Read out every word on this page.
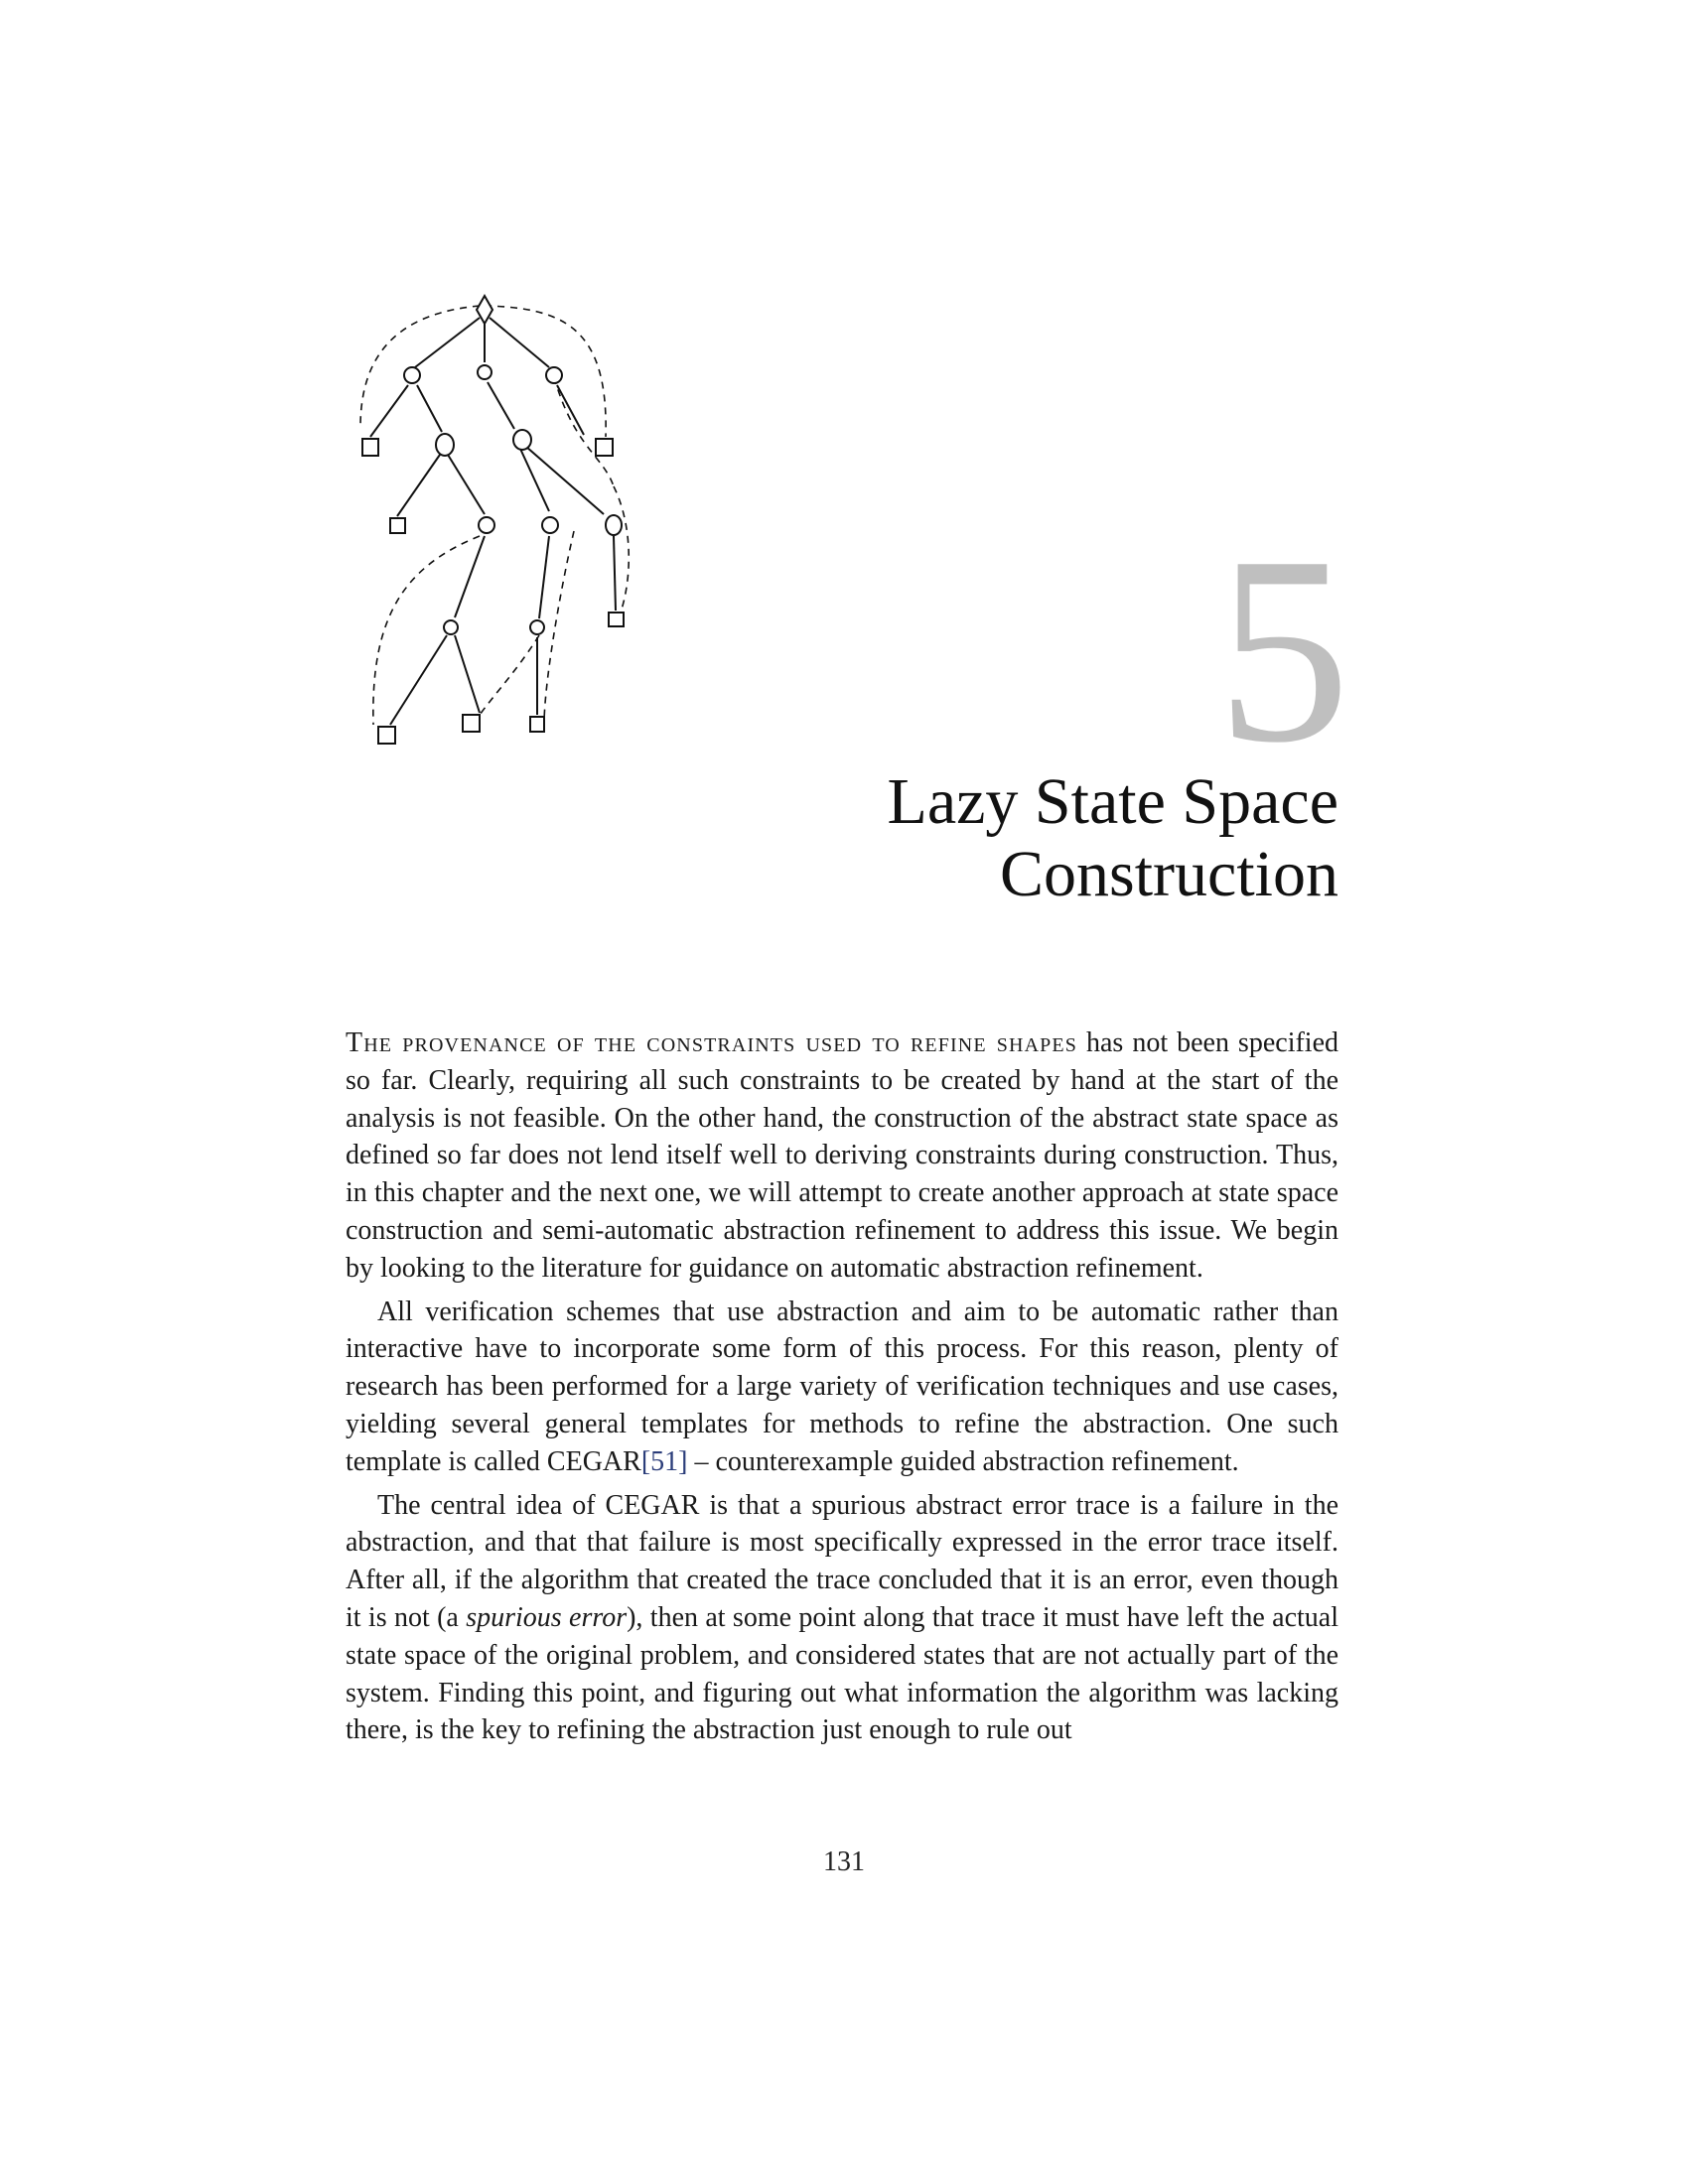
5
Lazy State Space Construction

The provenance of the constraints used to refine shapes has not been specified so far. Clearly, requiring all such constraints to be created by hand at the start of the analysis is not feasible. On the other hand, the construction of the abstract state space as defined so far does not lend itself well to deriving constraints during construction. Thus, in this chapter and the next one, we will attempt to create another approach at state space construction and semi-automatic abstraction refinement to address this issue. We begin by looking to the literature for guidance on automatic abstraction refinement.

All verification schemes that use abstraction and aim to be automatic rather than interactive have to incorporate some form of this process. For this reason, plenty of research has been performed for a large variety of verification techniques and use cases, yielding several general templates for methods to refine the abstraction. One such template is called CEGAR[51] – counterexample guided abstraction refinement.

The central idea of CEGAR is that a spurious abstract error trace is a failure in the abstraction, and that that failure is most specifically expressed in the error trace itself. After all, if the algorithm that created the trace concluded that it is an error, even though it is not (a spurious error), then at some point along that trace it must have left the actual state space of the original problem, and considered states that are not actually part of the system. Finding this point, and figuring out what information the algorithm was lacking there, is the key to refining the abstraction just enough to rule out

131
